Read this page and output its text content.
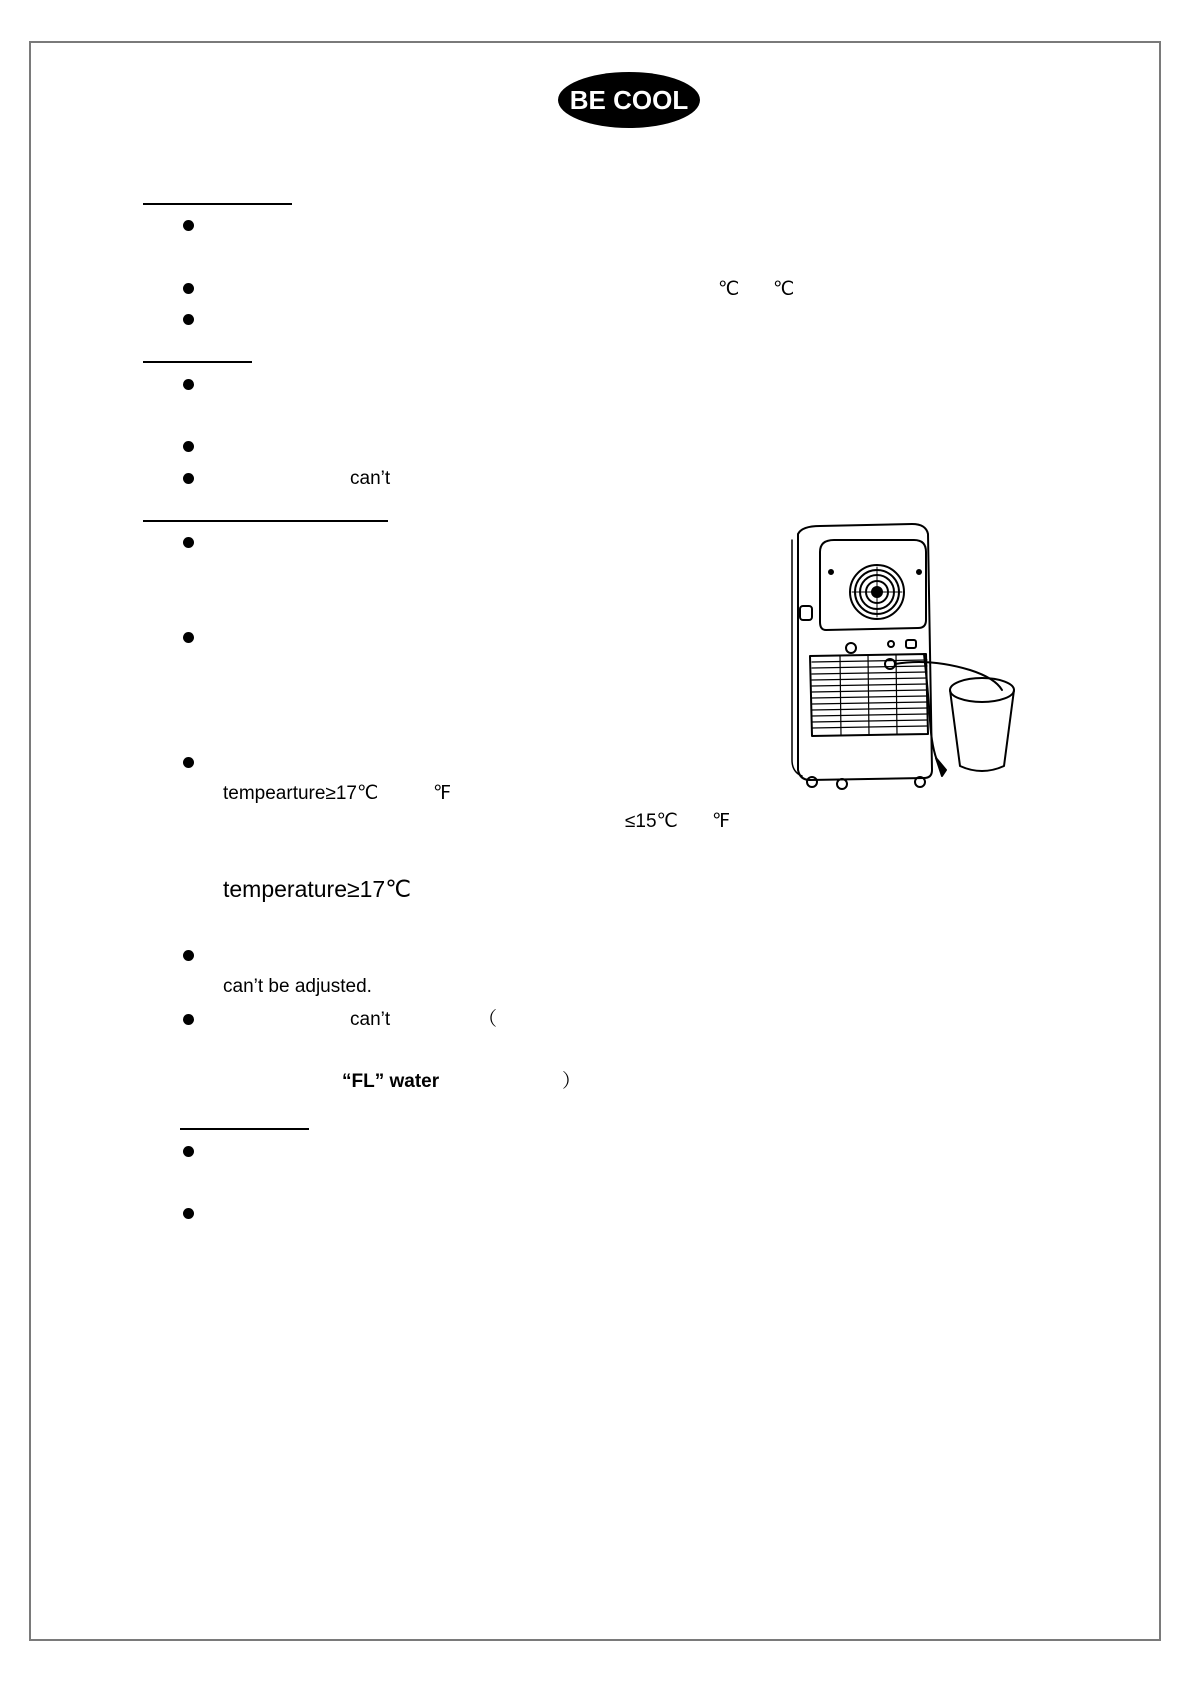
BE COOL
℃ ℃
can’t
tempearture≥17℃	℉
≤15℃ ℉
temperature≥17℃
can’t be adjusted.
can’t	（
“FL” water	）
